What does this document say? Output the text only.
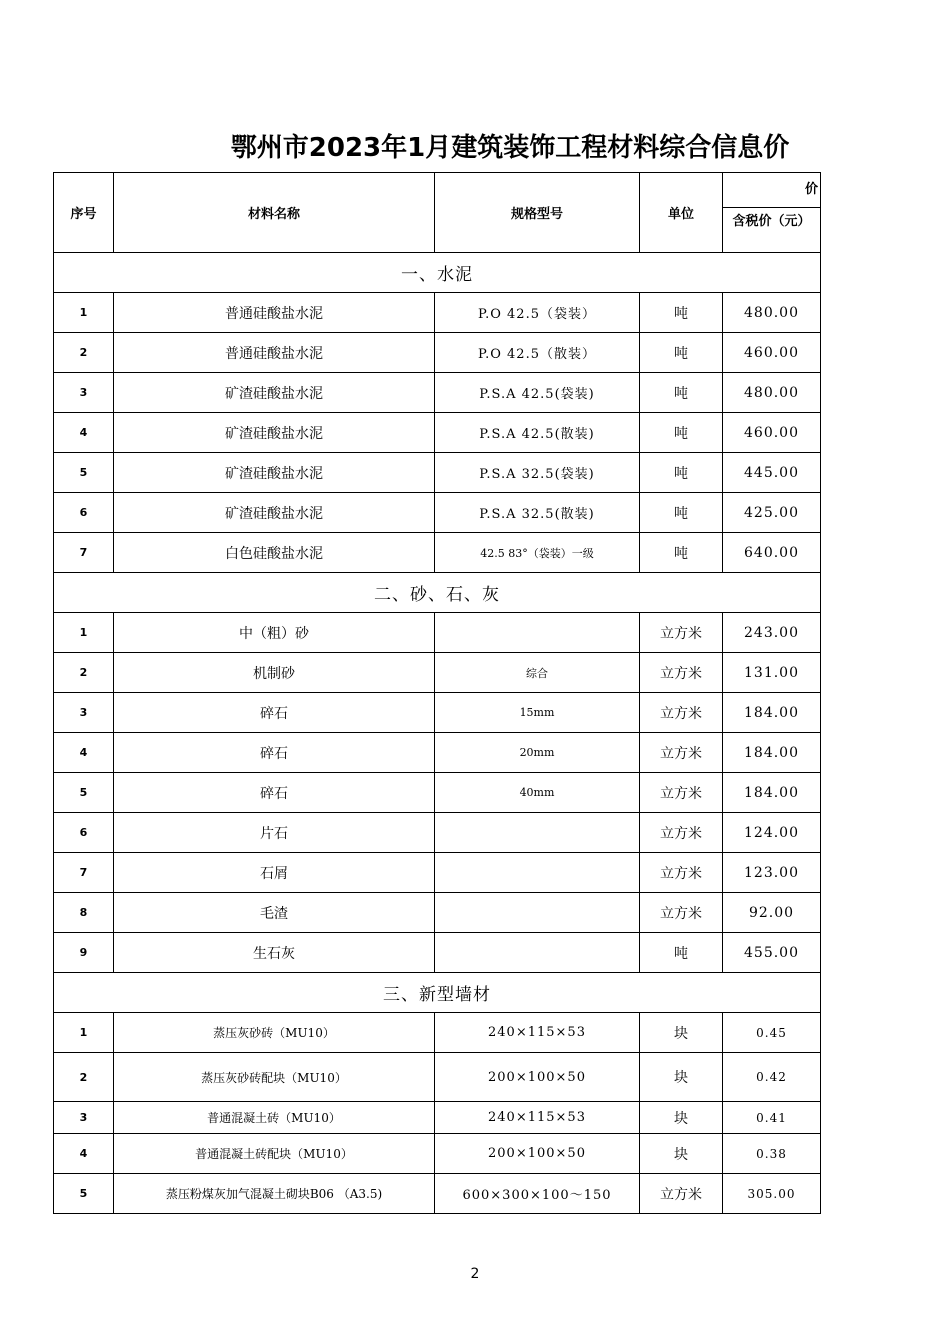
鄂州市2023年1月建筑装饰工程材料综合信息价
序号	材料名称	规格型号	单位	价
含税价（元）

一、水泥				
1	普通硅酸盐水泥	P.O 42.5（袋装）	吨	480.00
2	普通硅酸盐水泥	P.O 42.5（散装）	吨	460.00
3	矿渣硅酸盐水泥	P.S.A 42.5(袋装)	吨	480.00
4	矿渣硅酸盐水泥	P.S.A 42.5(散装)	吨	460.00
5	矿渣硅酸盐水泥	P.S.A 32.5(袋装)	吨	445.00
6	矿渣硅酸盐水泥	P.S.A 32.5(散装)	吨	425.00
7	白色硅酸盐水泥	42.5 83°（袋装）一级	吨	640.00
二、砂、石、灰				
1	中（粗）砂		立方米	243.00
2	机制砂	综合	立方米	131.00
3	碎石	15mm	立方米	184.00
4	碎石	20mm	立方米	184.00
5	碎石	40mm	立方米	184.00
6	片石		立方米	124.00
7	石屑		立方米	123.00
8	毛渣		立方米	92.00
9	生石灰		吨	455.00
三、新型墙材				
1	蒸压灰砂砖（MU10）	240×115×53	块	0.45
2	蒸压灰砂砖配块（MU10）	200×100×50	块	0.42
3	普通混凝土砖（MU10）	240×115×53	块	0.41
4	普通混凝土砖配块（MU10）	200×100×50	块	0.38
5	蒸压粉煤灰加气混凝土砌块B06 （A3.5)	600×300×100～150	立方米	305.00
2
